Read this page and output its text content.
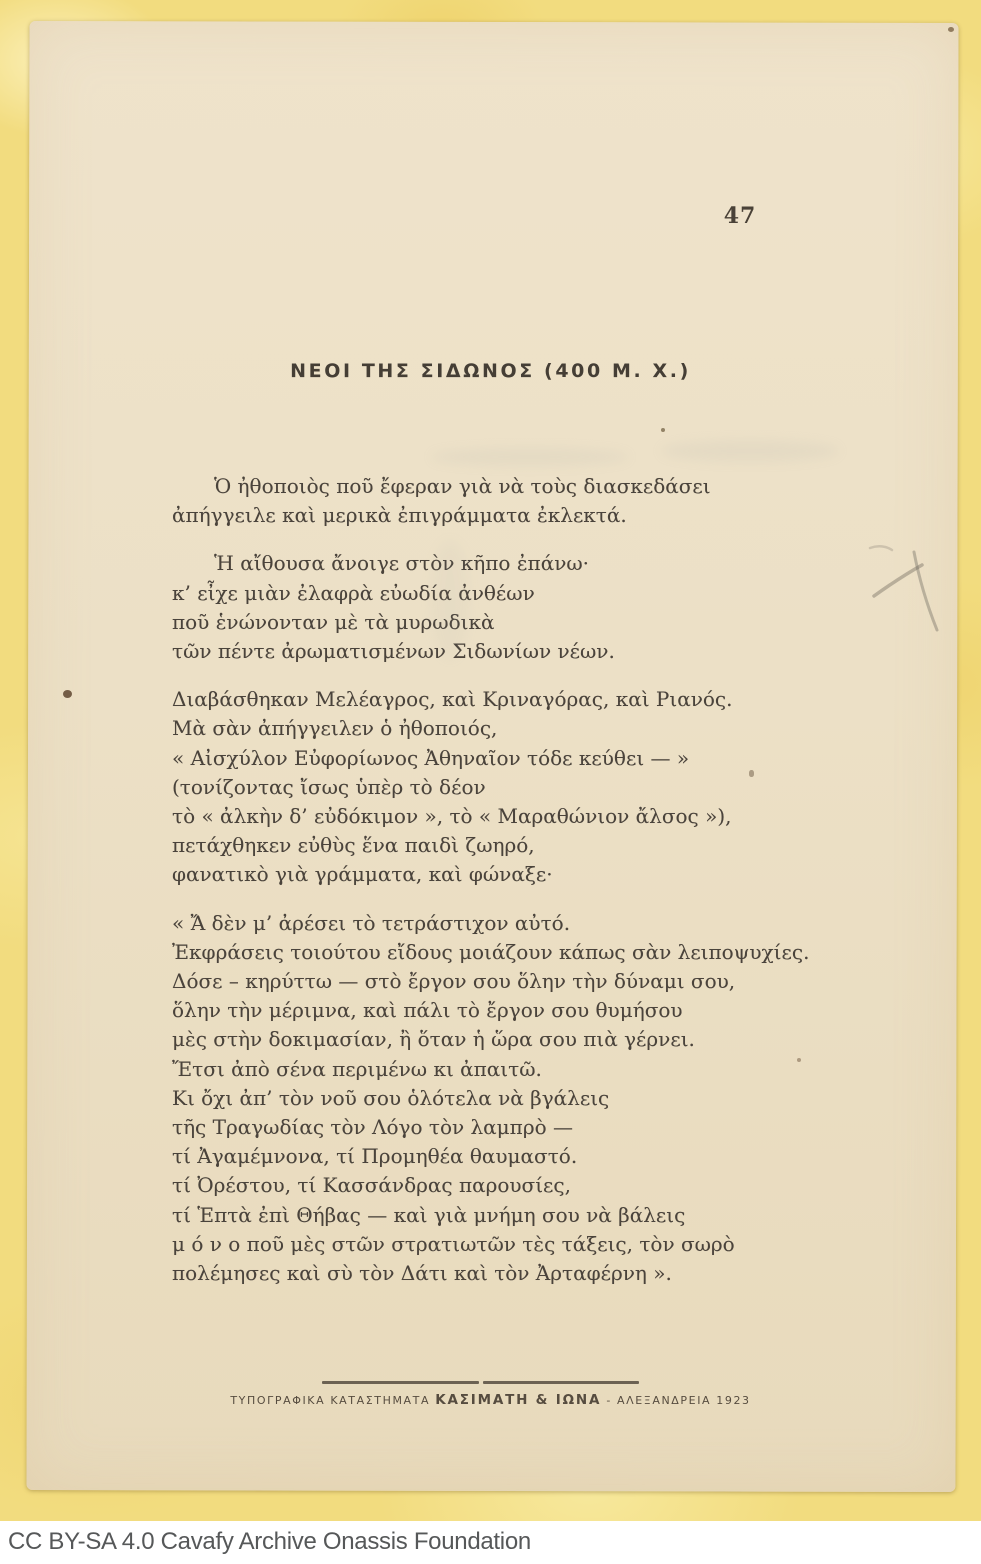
47
ΝΕΟΙ ΤΗΣ ΣΙΔΩΝΟΣ (400 Μ. Χ.)
Ὁ ἠθοποιὸς ποῦ ἔφεραν γιὰ νὰ τοὺς διασκεδάσει
ἀπήγγειλε καὶ μερικὰ ἐπιγράμματα ἐκλεκτά.
Ἡ αἴθουσα ἄνοιγε στὸν κῆπο ἐπάνω·
κ’ εἶχε μιὰν ἐλαφρὰ εὐωδία ἀνθέων
ποῦ ἑνώνονταν μὲ τὰ μυρωδικὰ
τῶν πέντε ἀρωματισμένων Σιδωνίων νέων.
Διαβάσθηκαν Μελέαγρος, καὶ Κριναγόρας, καὶ Ριανός.
Μὰ σὰν ἀπήγγειλεν ὁ ἠθοποιός,
« Αἰσχύλον Εὐφορίωνος Ἀθηναῖον τόδε κεύθει — »
(τονίζοντας ἴσως ὑπὲρ τὸ δέον
τὸ « ἀλκὴν δ’ εὐδόκιμον », τὸ « Μαραθώνιον ἄλσος »),
πετάχθηκεν εὐθὺς ἕνα παιδὶ ζωηρό,
φανατικὸ γιὰ γράμματα, καὶ φώναξε·
« Ἄ δὲν μ’ ἀρέσει τὸ τετράστιχον αὐτό.
Ἐκφράσεις τοιούτου εἴδους μοιάζουν κάπως σὰν λειποψυχίες.
Δόσε – κηρύττω — στὸ ἔργον σου ὅλην τὴν δύναμι σου,
ὅλην τὴν μέριμνα, καὶ πάλι τὸ ἔργον σου θυμήσου
μὲς στὴν δοκιμασίαν, ἢ ὅταν ἡ ὥρα σου πιὰ γέρνει.
Ἔτσι ἀπὸ σένα περιμένω κι ἀπαιτῶ.
Κι ὄχι ἀπ’ τὸν νοῦ σου ὁλότελα νὰ βγάλεις
τῆς Τραγωδίας τὸν Λόγο τὸν λαμπρὸ —
τί Ἀγαμέμνονα, τί Προμηθέα θαυμαστό.
τί Ὀρέστου, τί Κασσάνδρας παρουσίες,
τί Ἑπτὰ ἐπὶ Θήβας — καὶ γιὰ μνήμη σου νὰ βάλεις
μ ό ν ο ποῦ μὲς στῶν στρατιωτῶν τὲς τάξεις, τὸν σωρὸ
πολέμησες καὶ σὺ τὸν Δάτι καὶ τὸν Ἀρταφέρνη ».
ΤΥΠΟΓΡΑΦΙΚΑ ΚΑΤΑΣΤΗΜΑΤΑ ΚΑΣΙΜΑΤΗ & ΙΩΝΑ - ΑΛΕΞΑΝΔΡΕΙΑ 1923
CC BY-SA 4.0 Cavafy Archive Onassis Foundation
